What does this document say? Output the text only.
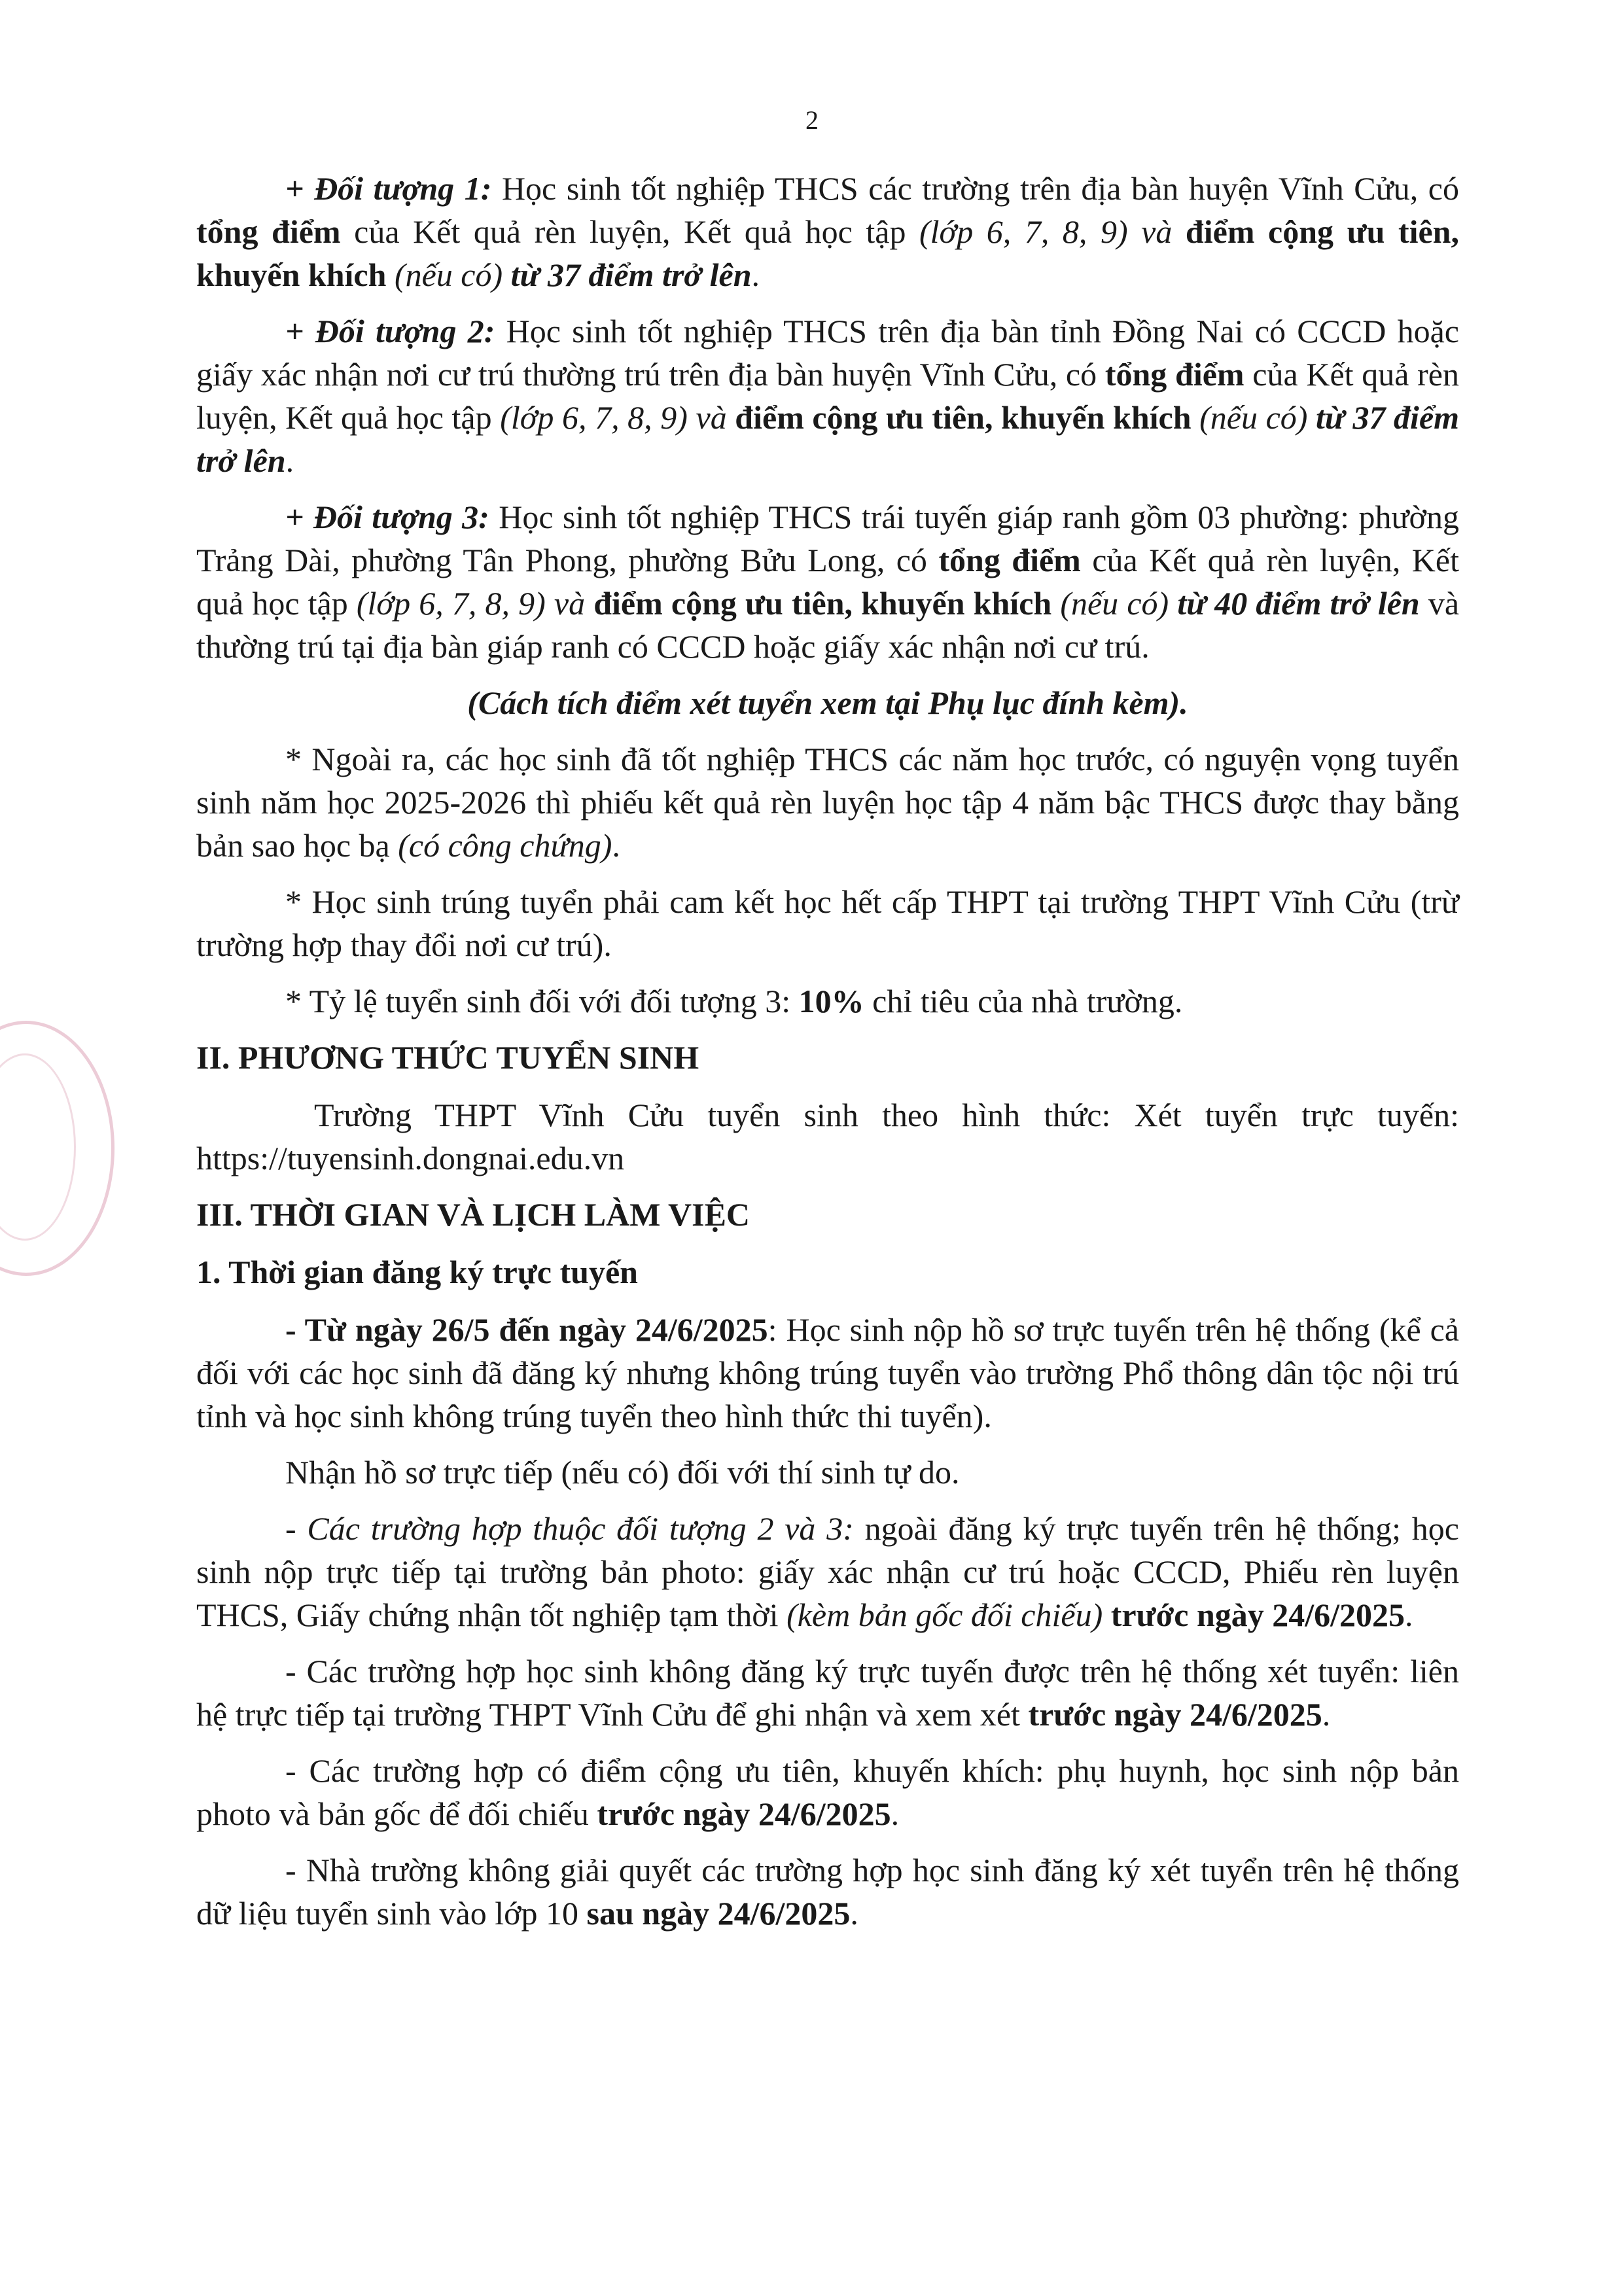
2

+ Đối tượng 1: Học sinh tốt nghiệp THCS các trường trên địa bàn huyện Vĩnh Cửu, có tổng điểm của Kết quả rèn luyện, Kết quả học tập (lớp 6, 7, 8, 9) và điểm cộng ưu tiên, khuyến khích (nếu có) từ 37 điểm trở lên.

+ Đối tượng 2: Học sinh tốt nghiệp THCS trên địa bàn tỉnh Đồng Nai có CCCD hoặc giấy xác nhận nơi cư trú thường trú trên địa bàn huyện Vĩnh Cửu, có tổng điểm của Kết quả rèn luyện, Kết quả học tập (lớp 6, 7, 8, 9) và điểm cộng ưu tiên, khuyến khích (nếu có) từ 37 điểm trở lên.

+ Đối tượng 3: Học sinh tốt nghiệp THCS trái tuyến giáp ranh gồm 03 phường: phường Trảng Dài, phường Tân Phong, phường Bửu Long, có tổng điểm của Kết quả rèn luyện, Kết quả học tập (lớp 6, 7, 8, 9) và điểm cộng ưu tiên, khuyến khích (nếu có) từ 40 điểm trở lên và thường trú tại địa bàn giáp ranh có CCCD hoặc giấy xác nhận nơi cư trú.

(Cách tích điểm xét tuyển xem tại Phụ lục đính kèm).

* Ngoài ra, các học sinh đã tốt nghiệp THCS các năm học trước, có nguyện vọng tuyển sinh năm học 2025-2026 thì phiếu kết quả rèn luyện học tập 4 năm bậc THCS được thay bằng bản sao học bạ (có công chứng).

* Học sinh trúng tuyển phải cam kết học hết cấp THPT tại trường THPT Vĩnh Cửu (trừ trường hợp thay đổi nơi cư trú).

* Tỷ lệ tuyển sinh đối với đối tượng 3: 10% chỉ tiêu của nhà trường.

II. PHƯƠNG THỨC TUYỂN SINH

Trường THPT Vĩnh Cửu tuyển sinh theo hình thức: Xét tuyển trực tuyến: https://tuyensinh.dongnai.edu.vn

III. THỜI GIAN VÀ LỊCH LÀM VIỆC

1. Thời gian đăng ký trực tuyến

- Từ ngày 26/5 đến ngày 24/6/2025: Học sinh nộp hồ sơ trực tuyến trên hệ thống (kể cả đối với các học sinh đã đăng ký nhưng không trúng tuyển vào trường Phổ thông dân tộc nội trú tỉnh và học sinh không trúng tuyển theo hình thức thi tuyển).

Nhận hồ sơ trực tiếp (nếu có) đối với thí sinh tự do.

- Các trường hợp thuộc đối tượng 2 và 3: ngoài đăng ký trực tuyến trên hệ thống; học sinh nộp trực tiếp tại trường bản photo: giấy xác nhận cư trú hoặc CCCD, Phiếu rèn luyện THCS, Giấy chứng nhận tốt nghiệp tạm thời (kèm bản gốc đối chiếu) trước ngày 24/6/2025.

- Các trường hợp học sinh không đăng ký trực tuyến được trên hệ thống xét tuyển: liên hệ trực tiếp tại trường THPT Vĩnh Cửu để ghi nhận và xem xét trước ngày 24/6/2025.

- Các trường hợp có điểm cộng ưu tiên, khuyến khích: phụ huynh, học sinh nộp bản photo và bản gốc để đối chiếu trước ngày 24/6/2025.

- Nhà trường không giải quyết các trường hợp học sinh đăng ký xét tuyển trên hệ thống dữ liệu tuyển sinh vào lớp 10 sau ngày 24/6/2025.
